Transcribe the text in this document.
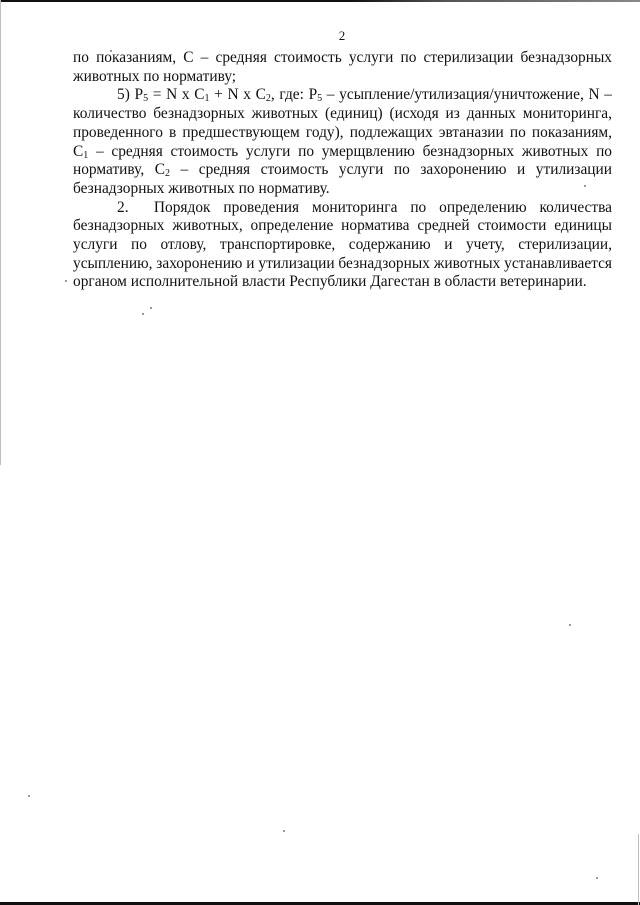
2

по показаниям, С – средняя стоимость услуги по стерилизации безнадзорных животных по нормативу;

5) $P_5 = N$ x $C_1 + N$ x $C_2$, где: $P_5$ – усыпление/утилизация/уничтожение, N – количество безнадзорных животных (единиц) (исходя из данных мониторинга, проведенного в предшествующем году), подлежащих эвтаназии по показаниям, $C_1$ – средняя стоимость услуги по умерщвлению безнадзорных животных по нормативу, $C_2$ – средняя стоимость услуги по захоронению и утилизации безнадзорных животных по нормативу.

2. Порядок проведения мониторинга по определению количества безнадзорных животных, определение норматива средней стоимости единицы услуги по отлову, транспортировке, содержанию и учету, стерилизации, усыплению, захоронению и утилизации безнадзорных животных устанавливается органом исполнительной власти Республики Дагестан в области ветеринарии.
